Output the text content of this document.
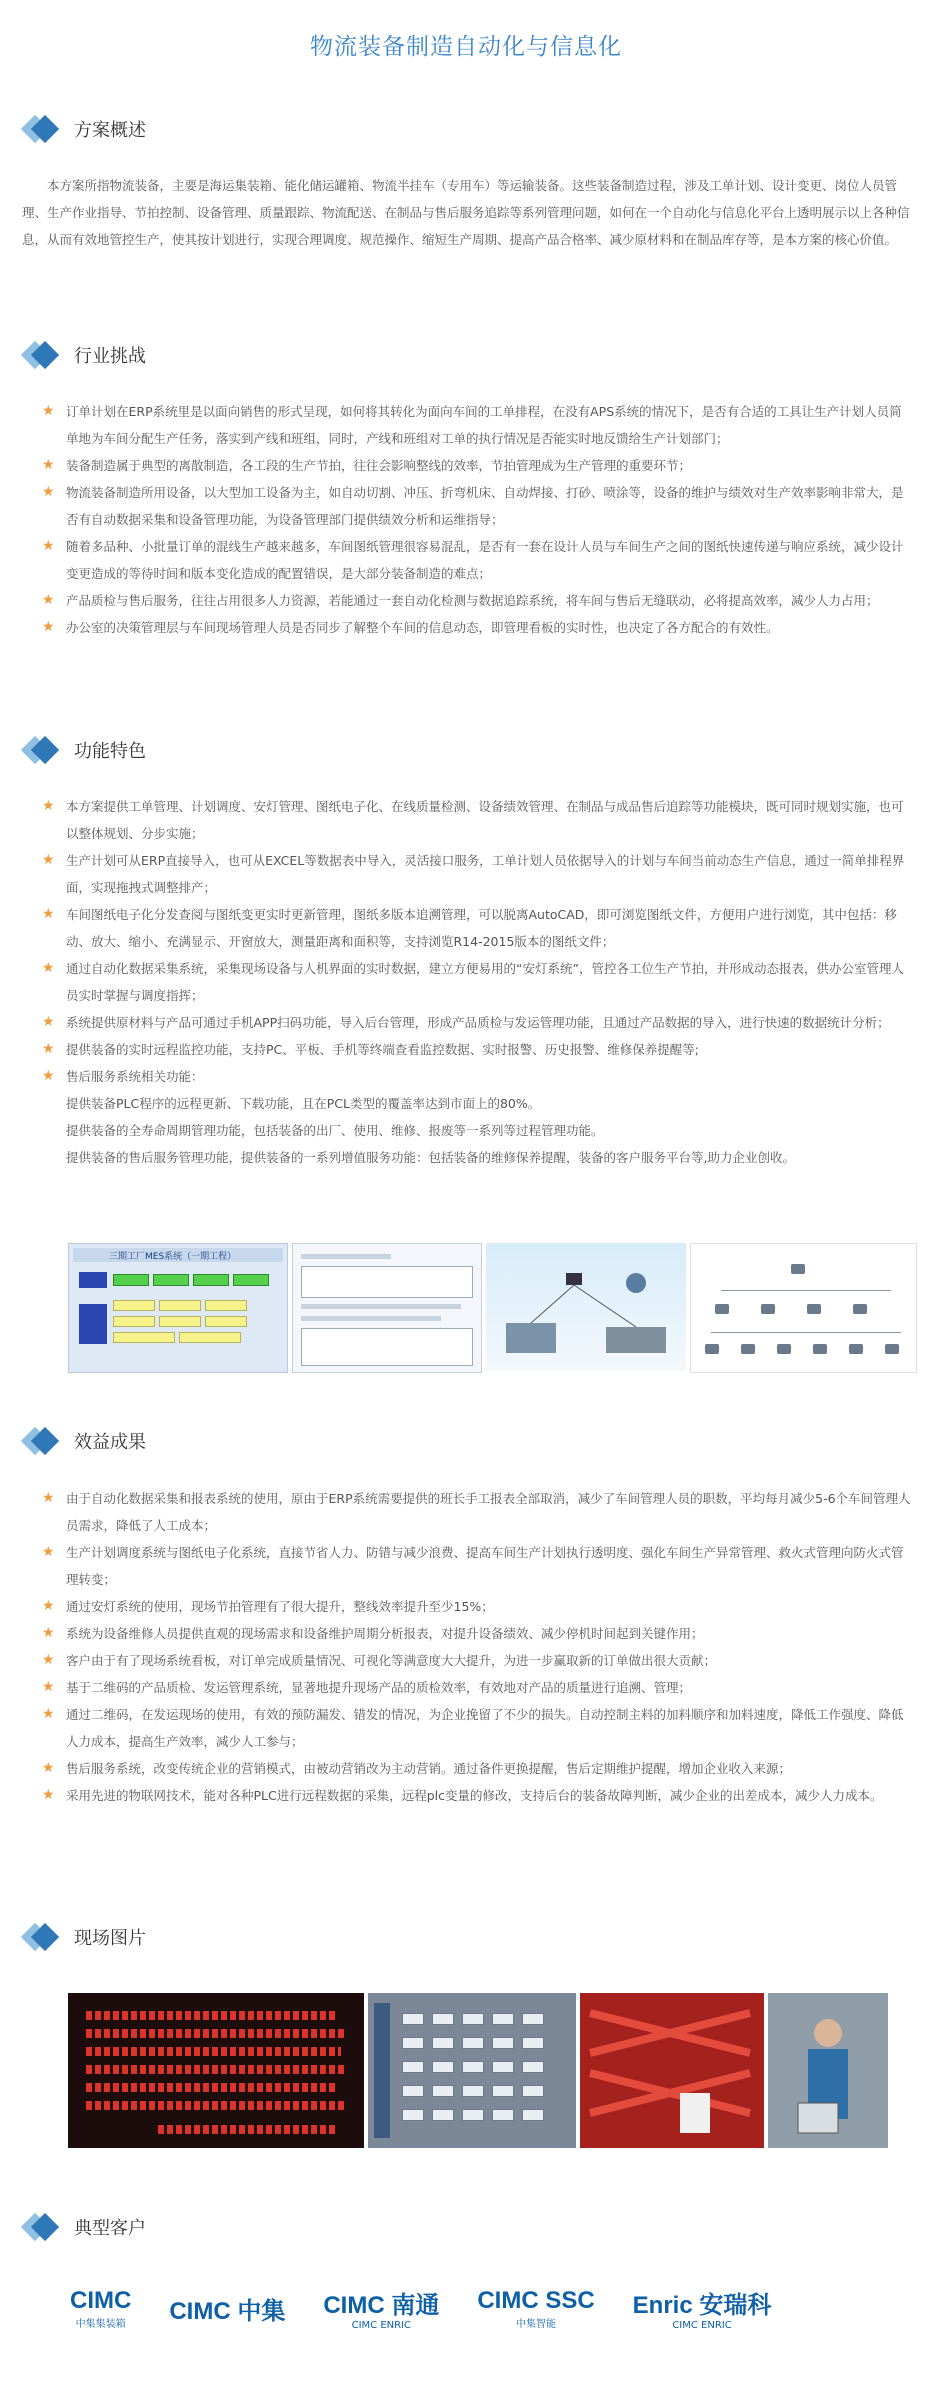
物流装备制造自动化与信息化
方案概述
本方案所指物流装备，主要是海运集装箱、能化储运罐箱、物流半挂车（专用车）等运输装备。这些装备制造过程，涉及工单计划、设计变更、岗位人员管理、生产作业指导、节拍控制、设备管理、质量跟踪、物流配送、在制品与售后服务追踪等系列管理问题，如何在一个自动化与信息化平台上透明展示以上各种信息，从而有效地管控生产，使其按计划进行，实现合理调度、规范操作、缩短生产周期、提高产品合格率、减少原材料和在制品库存等，是本方案的核心价值。
行业挑战
★ 订单计划在ERP系统里是以面向销售的形式呈现，如何将其转化为面向车间的工单排程，在没有APS系统的情况下，是否有合适的工具让生产计划人员简单地为车间分配生产任务，落实到产线和班组，同时，产线和班组对工单的执行情况是否能实时地反馈给生产计划部门；
★ 装备制造属于典型的离散制造，各工段的生产节拍，往往会影响整线的效率，节拍管理成为生产管理的重要环节；
★ 物流装备制造所用设备，以大型加工设备为主，如自动切割、冲压、折弯机床、自动焊接、打砂、喷涂等，设备的维护与绩效对生产效率影响非常大，是否有自动数据采集和设备管理功能，为设备管理部门提供绩效分析和运维指导；
★ 随着多品种、小批量订单的混线生产越来越多，车间图纸管理很容易混乱，是否有一套在设计人员与车间生产之间的图纸快速传递与响应系统，减少设计变更造成的等待时间和版本变化造成的配置错误，是大部分装备制造的难点；
★ 产品质检与售后服务，往往占用很多人力资源，若能通过一套自动化检测与数据追踪系统，将车间与售后无缝联动，必将提高效率，减少人力占用；
★ 办公室的决策管理层与车间现场管理人员是否同步了解整个车间的信息动态，即管理看板的实时性，也决定了各方配合的有效性。
功能特色
★ 本方案提供工单管理、计划调度、安灯管理、图纸电子化、在线质量检测、设备绩效管理、在制品与成品售后追踪等功能模块，既可同时规划实施，也可以整体规划、分步实施；
★ 生产计划可从ERP直接导入，也可从EXCEL等数据表中导入，灵活接口服务，工单计划人员依据导入的计划与车间当前动态生产信息，通过一简单排程界面，实现拖拽式调整排产；
★ 车间图纸电子化分发查阅与图纸变更实时更新管理，图纸多版本追溯管理，可以脱离AutoCAD，即可浏览图纸文件，方便用户进行浏览，其中包括：移动、放大、缩小、充满显示、开窗放大，测量距离和面积等，支持浏览R14-2015版本的图纸文件；
★ 通过自动化数据采集系统，采集现场设备与人机界面的实时数据，建立方便易用的“安灯系统”，管控各工位生产节拍，并形成动态报表，供办公室管理人员实时掌握与调度指挥；
★ 系统提供原材料与产品可通过手机APP扫码功能，导入后台管理，形成产品质检与发运管理功能，且通过产品数据的导入，进行快速的数据统计分析；
★ 提供装备的实时远程监控功能，支持PC、平板、手机等终端查看监控数据、实时报警、历史报警、维修保养提醒等;
★ 售后服务系统相关功能：
提供装备PLC程序的远程更新、下载功能，且在PCL类型的覆盖率达到市面上的80%。
提供装备的全寿命周期管理功能，包括装备的出厂、使用、维修、报废等一系列等过程管理功能。
提供装备的售后服务管理功能，提供装备的一系列增值服务功能：包括装备的维修保养提醒，装备的客户服务平台等,助力企业创收。
三期工厂MES系统（一期工程）
效益成果
★ 由于自动化数据采集和报表系统的使用，原由于ERP系统需要提供的班长手工报表全部取消，减少了车间管理人员的职数，平均每月减少5-6个车间管理人员需求，降低了人工成本；
★ 生产计划调度系统与图纸电子化系统，直接节省人力、防错与减少浪费、提高车间生产计划执行透明度、强化车间生产异常管理、救火式管理向防火式管理转变；
★ 通过安灯系统的使用，现场节拍管理有了很大提升，整线效率提升至少15%；
★ 系统为设备维修人员提供直观的现场需求和设备维护周期分析报表，对提升设备绩效、减少停机时间起到关键作用；
★ 客户由于有了现场系统看板，对订单完成质量情况、可视化等满意度大大提升，为进一步赢取新的订单做出很大贡献；
★ 基于二维码的产品质检、发运管理系统，显著地提升现场产品的质检效率，有效地对产品的质量进行追溯、管理；
★ 通过二维码，在发运现场的使用，有效的预防漏发、错发的情况，为企业挽留了不少的损失。自动控制主料的加料顺序和加料速度，降低工作强度、降低人力成本，提高生产效率，减少人工参与；
★ 售后服务系统，改变传统企业的营销模式，由被动营销改为主动营销。通过备件更换提醒，售后定期维护提醒，增加企业收入来源；
★ 采用先进的物联网技术，能对各种PLC进行远程数据的采集，远程plc变量的修改，支持后台的装备故障判断，减少企业的出差成本，减少人力成本。
现场图片
典型客户
CIMC
中集集装箱 CIMC 中集 CIMC 南通
CIMC ENRIC
CIMC SSC
中集智能
Enric 安瑞科
CIMC ENRIC
